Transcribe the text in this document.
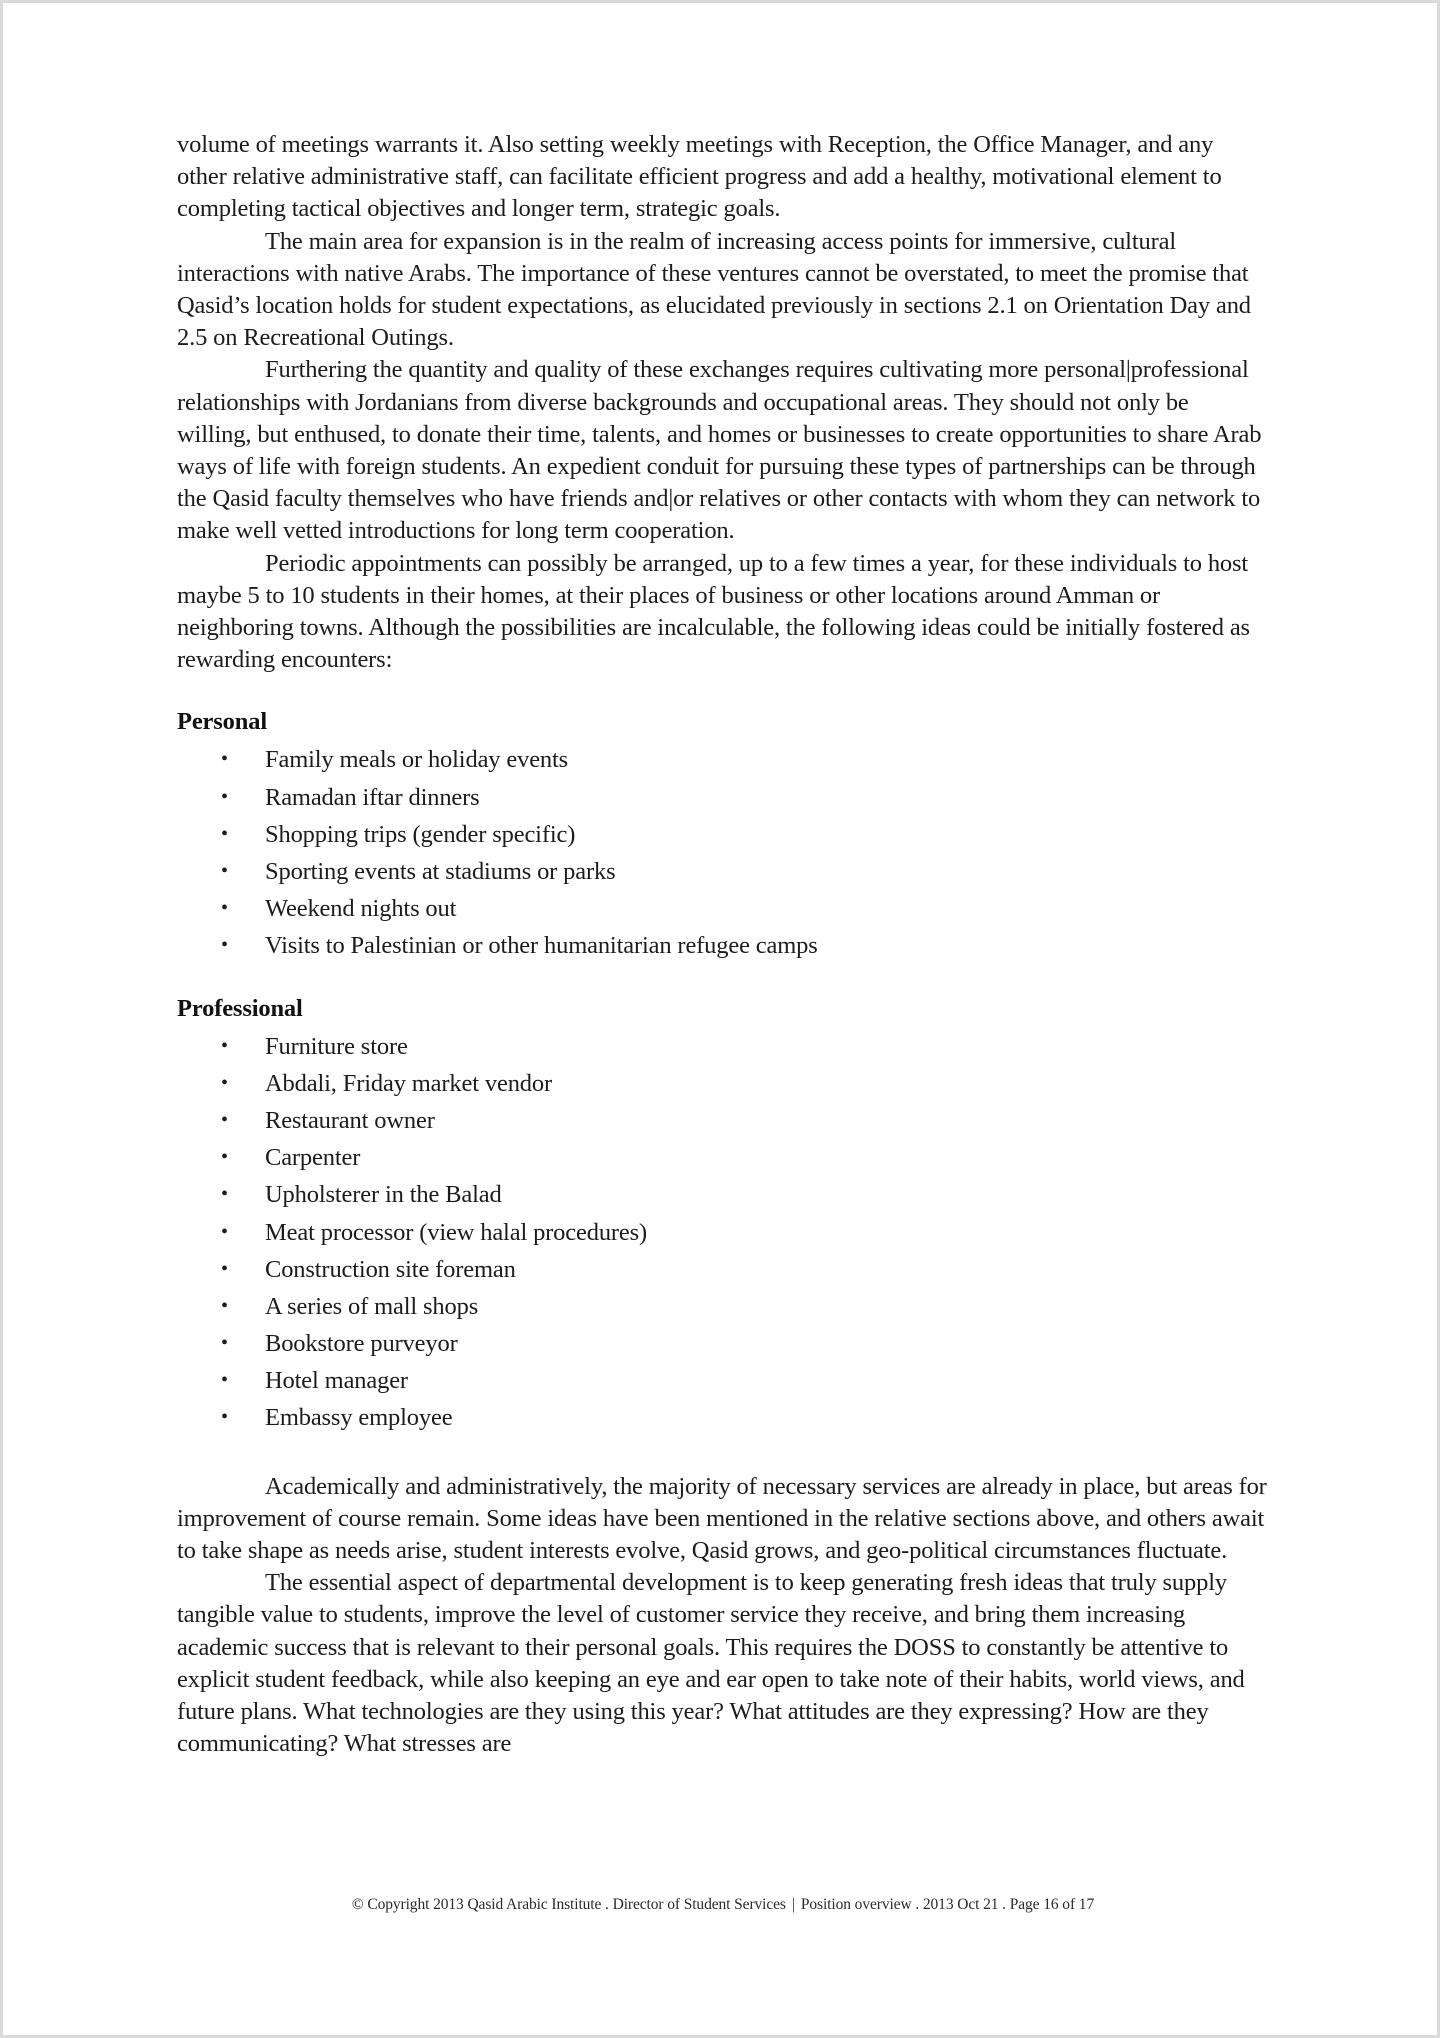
volume of meetings warrants it. Also setting weekly meetings with Reception, the Office Manager, and any other relative administrative staff, can facilitate efficient progress and add a healthy, motivational element to completing tactical objectives and longer term, strategic goals.

The main area for expansion is in the realm of increasing access points for immersive, cultural interactions with native Arabs. The importance of these ventures cannot be overstated, to meet the promise that Qasid’s location holds for student expectations, as elucidated previously in sections 2.1 on Orientation Day and 2.5 on Recreational Outings.

Furthering the quantity and quality of these exchanges requires cultivating more personal|professional relationships with Jordanians from diverse backgrounds and occupational areas. They should not only be willing, but enthused, to donate their time, talents, and homes or businesses to create opportunities to share Arab ways of life with foreign students. An expedient conduit for pursuing these types of partnerships can be through the Qasid faculty themselves who have friends and|or relatives or other contacts with whom they can network to make well vetted introductions for long term cooperation.

Periodic appointments can possibly be arranged, up to a few times a year, for these individuals to host maybe 5 to 10 students in their homes, at their places of business or other locations around Amman or neighboring towns. Although the possibilities are incalculable, the following ideas could be initially fostered as rewarding encounters:

Personal

• Family meals or holiday events
• Ramadan iftar dinners
• Shopping trips (gender specific)
• Sporting events at stadiums or parks
• Weekend nights out
• Visits to Palestinian or other humanitarian refugee camps

Professional

• Furniture store
• Abdali, Friday market vendor
• Restaurant owner
• Carpenter
• Upholsterer in the Balad
• Meat processor (view halal procedures)
• Construction site foreman
• A series of mall shops
• Bookstore purveyor
• Hotel manager
• Embassy employee

Academically and administratively, the majority of necessary services are already in place, but areas for improvement of course remain. Some ideas have been mentioned in the relative sections above, and others await to take shape as needs arise, student interests evolve, Qasid grows, and geo-political circumstances fluctuate.

The essential aspect of departmental development is to keep generating fresh ideas that truly supply tangible value to students, improve the level of customer service they receive, and bring them increasing academic success that is relevant to their personal goals. This requires the DOSS to constantly be attentive to explicit student feedback, while also keeping an eye and ear open to take note of their habits, world views, and future plans. What technologies are they using this year? What attitudes are they expressing? How are they communicating? What stresses are

© Copyright 2013 Qasid Arabic Institute . Director of Student Services | Position overview . 2013 Oct 21 . Page 16 of 17
